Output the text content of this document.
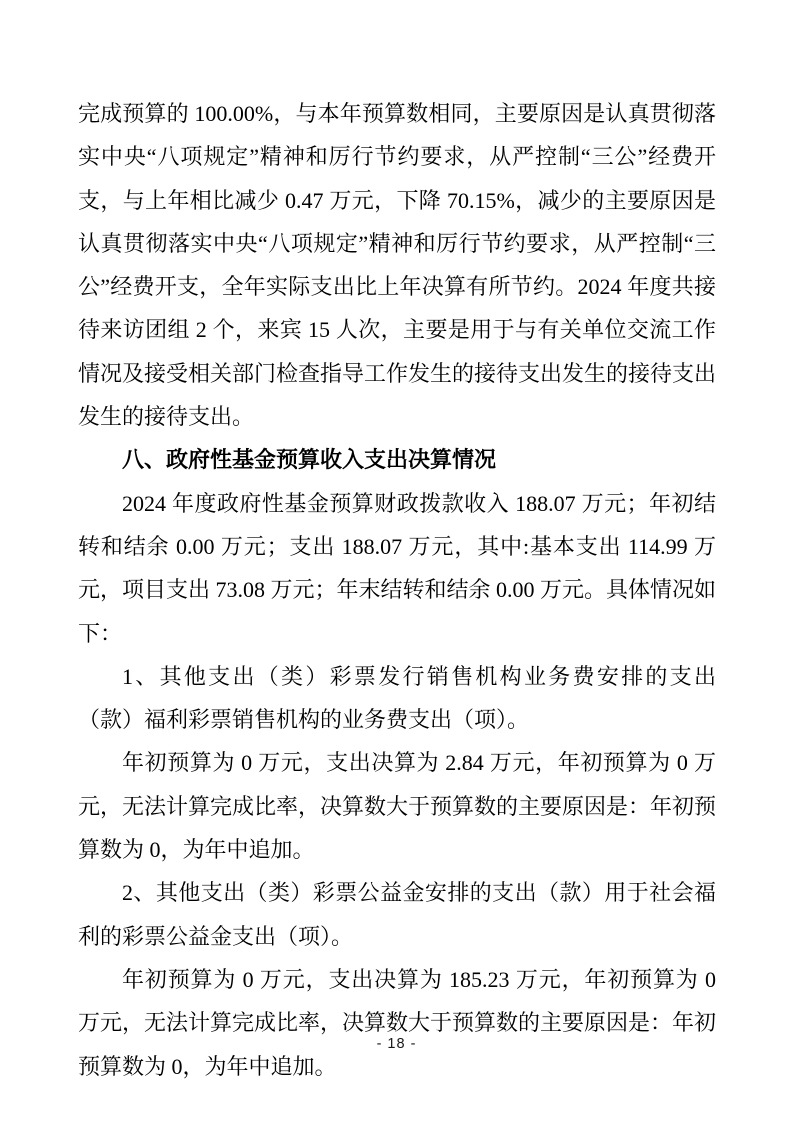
完成预算的 100.00%，与本年预算数相同，主要原因是认真贯彻落实中央“八项规定”精神和厉行节约要求，从严控制“三公”经费开支，与上年相比减少 0.47 万元，下降 70.15%，减少的主要原因是认真贯彻落实中央“八项规定”精神和厉行节约要求，从严控制“三公”经费开支，全年实际支出比上年决算有所节约。2024 年度共接待来访团组 2 个，来宾 15 人次，主要是用于与有关单位交流工作情况及接受相关部门检查指导工作发生的接待支出发生的接待支出发生的接待支出。

八、政府性基金预算收入支出决算情况

2024 年度政府性基金预算财政拨款收入 188.07 万元；年初结转和结余 0.00 万元；支出 188.07 万元，其中:基本支出 114.99 万元，项目支出 73.08 万元；年末结转和结余 0.00 万元。具体情况如下：

1、其他支出（类）彩票发行销售机构业务费安排的支出（款）福利彩票销售机构的业务费支出（项）。

年初预算为 0 万元，支出决算为 2.84 万元，年初预算为 0 万元，无法计算完成比率，决算数大于预算数的主要原因是：年初预算数为 0，为年中追加。

2、其他支出（类）彩票公益金安排的支出（款）用于社会福利的彩票公益金支出（项）。

年初预算为 0 万元，支出决算为 185.23 万元，年初预算为 0 万元，无法计算完成比率，决算数大于预算数的主要原因是：年初预算数为 0，为年中追加。

- 18 -
